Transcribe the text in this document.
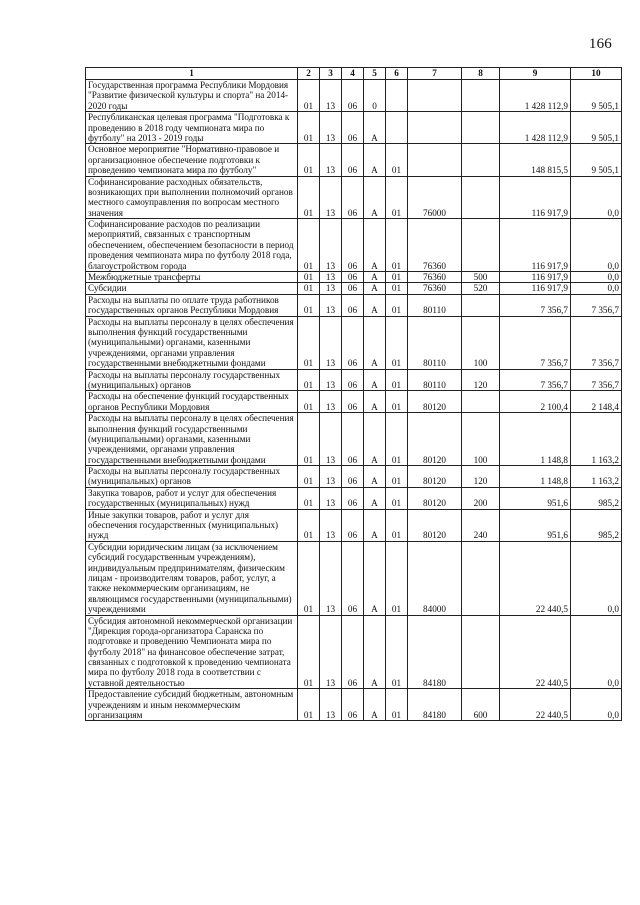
166
1	2	3	4	5	6	7	8	9	10
Государственная программа Республики Мордовия "Развитие физической культуры и спорта" на 2014-2020 годы	01	13	06	0				1 428 112,9	9 505,1
Республиканская целевая программа "Подготовка к проведению в 2018 году чемпионата мира по футболу" на 2013 - 2019 годы	01	13	06	А				1 428 112,9	9 505,1
Основное мероприятие "Нормативно-правовое и организационное обеспечение подготовки к проведению чемпионата мира по футболу"	01	13	06	А	01			148 815,5	9 505,1
Софинансирование расходных обязательств, возникающих при выполнении полномочий органов местного самоуправления по вопросам местного значения	01	13	06	А	01	76000		116 917,9	0,0
Софинансирование расходов по реализации мероприятий, связанных с транспортным обеспечением, обеспечением безопасности в период проведения чемпионата мира по футболу 2018 года, благоустройством города	01	13	06	А	01	76360		116 917,9	0,0
Межбюджетные трансферты	01	13	06	А	01	76360	500	116 917,9	0,0
Субсидии	01	13	06	А	01	76360	520	116 917,9	0,0
Расходы на выплаты по оплате труда работников государственных органов Республики Мордовия	01	13	06	А	01	80110		7 356,7	7 356,7
Расходы на выплаты персоналу в целях обеспечения выполнения функций государственными (муниципальными) органами, казенными учреждениями, органами управления государственными внебюджетными фондами	01	13	06	А	01	80110	100	7 356,7	7 356,7
Расходы на выплаты персоналу государственных (муниципальных) органов	01	13	06	А	01	80110	120	7 356,7	7 356,7
Расходы на обеспечение функций государственных органов Республики Мордовия	01	13	06	А	01	80120		2 100,4	2 148,4
Расходы на выплаты персоналу в целях обеспечения выполнения функций государственными (муниципальными) органами, казенными учреждениями, органами управления государственными внебюджетными фондами	01	13	06	А	01	80120	100	1 148,8	1 163,2
Расходы на выплаты персоналу государственных (муниципальных) органов	01	13	06	А	01	80120	120	1 148,8	1 163,2
Закупка товаров, работ и услуг для обеспечения государственных (муниципальных) нужд	01	13	06	А	01	80120	200	951,6	985,2
Иные закупки товаров, работ и услуг для обеспечения государственных (муниципальных) нужд	01	13	06	А	01	80120	240	951,6	985,2
Субсидии юридическим лицам (за исключением субсидий государственным учреждениям), индивидуальным предпринимателям, физическим лицам - производителям товаров, работ, услуг, а также некоммерческим организациям, не являющимся государственными (муниципальными) учреждениями	01	13	06	А	01	84000		22 440,5	0,0
Субсидия автономной некоммерческой организации "Дирекция города-организатора Саранска по подготовке и проведению Чемпионата мира по футболу 2018" на финансовое обеспечение затрат, связанных с подготовкой к проведению чемпионата мира по футболу 2018 года в соответствии с уставной деятельностью	01	13	06	А	01	84180		22 440,5	0,0
Предоставление субсидий бюджетным, автономным учреждениям и иным некоммерческим организациям	01	13	06	А	01	84180	600	22 440,5	0,0
